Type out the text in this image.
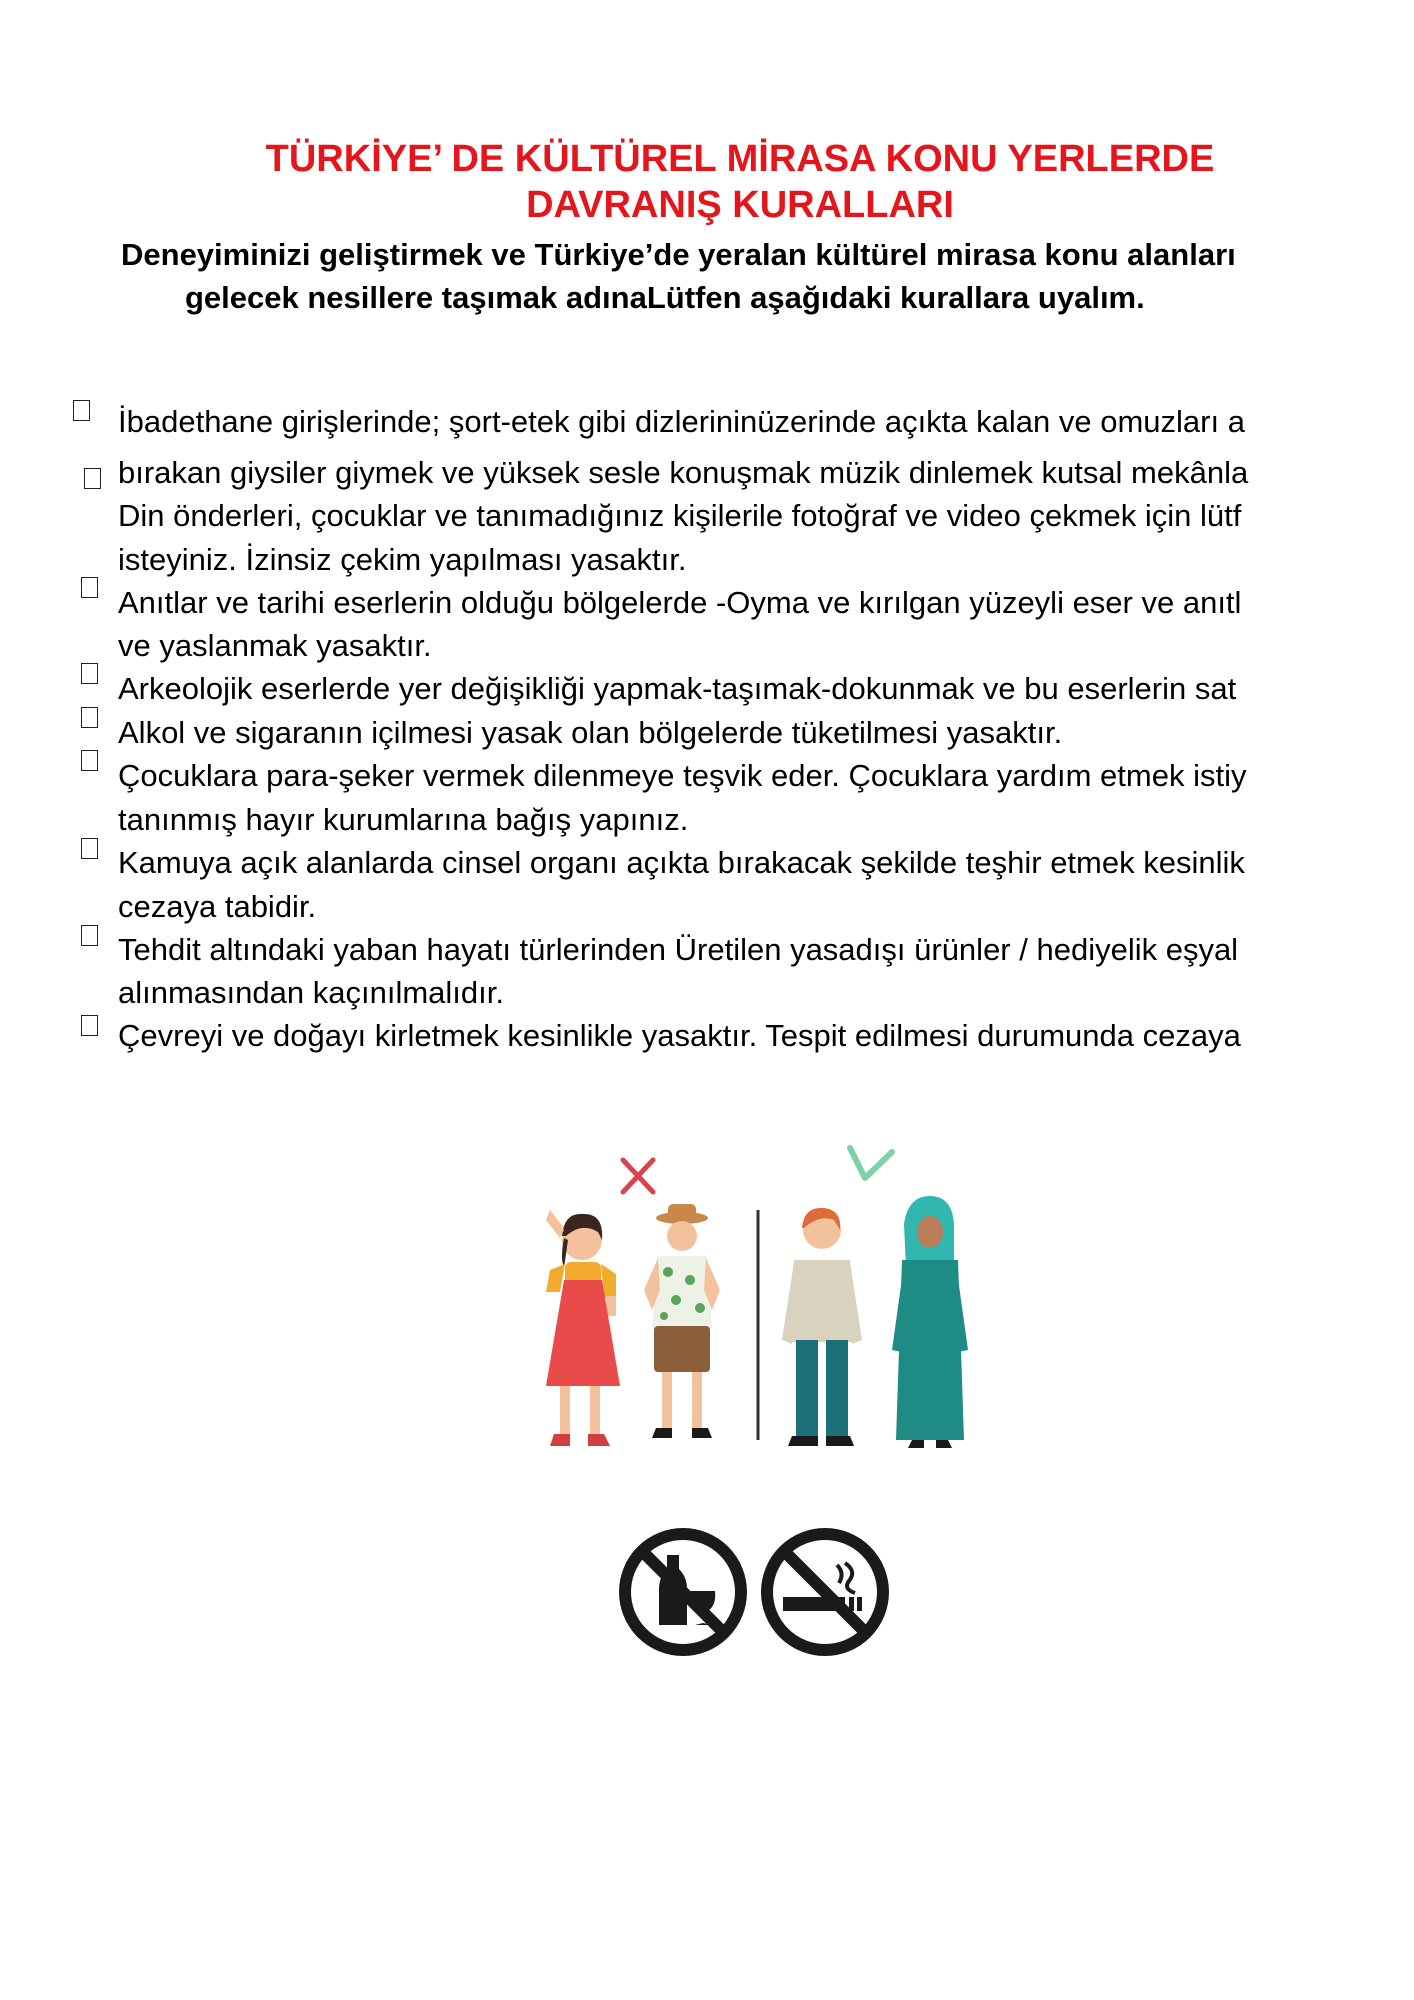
TÜRKİYE’ DE KÜLTÜREL MİRASA KONU YERLERDE
DAVRANIŞ KURALLARI
Deneyiminizi geliştirmek ve Türkiye’de yeralan kültürel mirasa konu alanları
gelecek nesillere taşımak adınaLütfen aşağıdaki kurallara uyalım.
İbadethane girişlerinde; şort-etek gibi dizlerininüzerinde açıkta kalan ve omuzları a
bırakan giysiler giymek ve yüksek sesle konuşmak müzik dinlemek kutsal mekânla
Din önderleri, çocuklar ve tanımadığınız kişilerile fotoğraf ve video çekmek için lütf
isteyiniz. İzinsiz çekim yapılması yasaktır.
Anıtlar ve tarihi eserlerin olduğu bölgelerde -Oyma ve kırılgan yüzeyli eser ve anıtl
ve yaslanmak yasaktır.
Arkeolojik eserlerde yer değişikliği yapmak-taşımak-dokunmak ve bu eserlerin sat
Alkol ve sigaranın içilmesi yasak olan bölgelerde tüketilmesi yasaktır.
Çocuklara para-şeker vermek dilenmeye teşvik eder. Çocuklara yardım etmek istiy
tanınmış hayır kurumlarına bağış yapınız.
Kamuya açık alanlarda cinsel organı açıkta bırakacak şekilde teşhir etmek kesinlik
cezaya tabidir.
Tehdit altındaki yaban hayatı türlerinden Üretilen yasadışı ürünler / hediyelik eşyal
alınmasından kaçınılmalıdır.
Çevreyi ve doğayı kirletmek kesinlikle yasaktır. Tespit edilmesi durumunda cezaya
